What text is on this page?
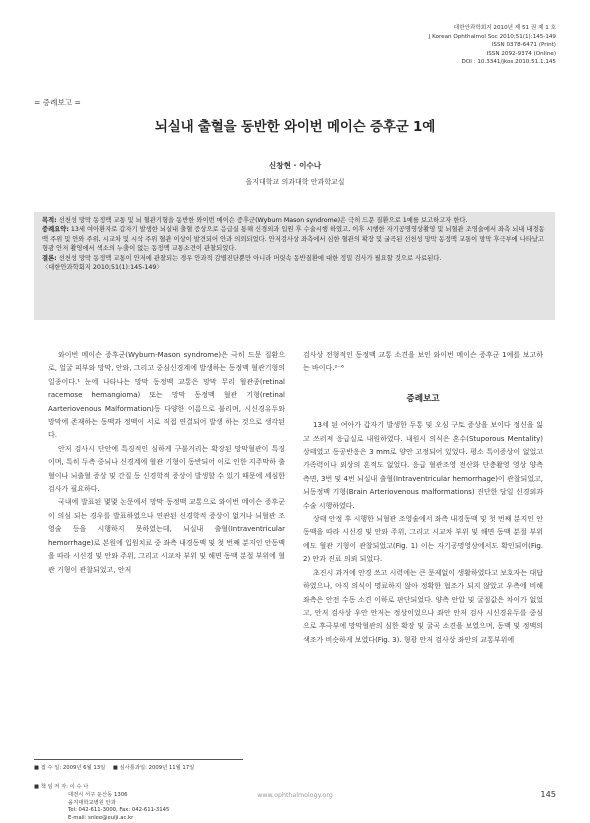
대한안과학회지 2010년 제 51 권 제 1 호
J Korean Ophthalmol Soc 2010;51(1):145-149
ISSN 0378-6471 (Print)
ISSN 2092-9374 (Online)
DOI : 10.3341/jkos.2010.51.1.145
= 증례보고 =
뇌실내 출혈을 동반한 와이번 메이슨 증후군 1예
신창현 · 이수나
을지대학교 의과대학 안과학교실

목적: 선천성 망막 동정맥 교통 및 뇌 혈관기형을 동반한 와이번 메이슨 증후군(Wyburn Mason syndrome)은 극히 드문 질환으로 1예를 보고하고자 한다.

증례요약: 13세 여아환자로 갑자기 발생한 뇌실내 출혈 증상으로 응급실 통해 신경외과 입원 후 수술시행 하였고, 이후 시행한 자기공명영상촬영 및 뇌혈관 조영술에서 좌측 뇌내 내경동맥 주위 및 안와 주위, 시교차 및 시삭 주위 혈관 이상이 발견되어 안과 의뢰되었다. 안저검사상 좌측에서 심한 혈관의 확장 및 굴곡된 선천성 망막 동정맥 교통이 망막 후극부에 나타났고 형광 안저 촬영에서 색소의 누출이 없는 동정맥 교통소견이 관찰되었다.

결론: 선천성 망막 동정맥 교통이 안저에 관찰되는 경우 안과적 감별진단뿐만 아니라 머릿속 동반질환에 대한 정밀 검사가 필요할 것으로 사료된다.

〈대한안과학회지 2010;51(1):145-149〉

와이번 메이슨 증후군(Wyburn-Mason syndrome)은 극히 드문 질환으로, 얼굴 피부와 망막, 안와, 그리고 중심신경계에 발생하는 동정맥 혈관기형의 일종이다.¹ 눈에 나타나는 망막 동정맥 교통은 망막 무리 혈관종(retinal racemose hemangioma) 또는 망막 동정맥 혈관 기형(retinal Aarteriovenous Malformation)등 다양한 이름으로 불리며, 시신경유두와 망막에 존재하는 동맥과 정맥이 서로 직접 연결되어 발생 하는 것으로 생각된다.

안저 검사시 단안에 특징적인 심하게 구불거리는 확장된 망막혈관이 특징이며, 특히 두측 중뇌나 신경계에 혈관 기형이 동반되어 이로 인한 지주막하 출혈이나 뇌출혈 증상 및 간질 등 신경학적 증상이 발생할 수 있기 때문에 세심한 검사가 필요하다.

국내에 발표된 몇몇 논문에서 망막 동정맥 교통으로 와이번 메이슨 증후군이 의심 되는 경우를 발표하였으나 연관된 신경학적 증상이 없거나 뇌혈관 조영술 등을 시행하지 못하였는데, 뇌실내 출혈(Intraventricular hemorrhage)로 본원에 입원치료 중 좌측 내경동맥 및 첫 번째 분지인 안동맥을 따라 시신경 및 안와 주위, 그리고 시교차 부위 및 해면 동맥 분절 부위에 혈관 기형이 관찰되었고, 안저

검사상 전형적인 동정맥 교통 소견을 보인 와이번 메이슨 증후군 1예를 보고하는 바이다.²⁻⁶

증례보고

13세 된 여아가 갑자기 발생한 두통 및 오심 구토 증상을 보이다 정신을 잃고 쓰러져 응급실로 내원하였다. 내원시 의식은 혼수(Stuporous Mentality)상태였고 동공반응은 3 mm로 양안 고정되어 있었다. 평소 특이증상이 없었고 가족력이나 외상의 흔적도 없었다. 응급 혈관조영 전산화 단층촬영 영상 양측 측면, 3번 및 4번 뇌실내 출혈(Intraventricular hemorrhage)이 관찰되었고, 뇌동정맥 기형(Brain Arteriovenous malformations) 진단한 당일 신경외과 수술 시행하였다.

상태 안정 후 시행한 뇌혈관 조영술에서 좌측 내경동맥 및 첫 번째 분지인 안동맥을 따라 시신경 및 안와 주위, 그리고 시교차 부위 및 해면 동맥 분절 부위에도 혈관 기형이 관찰되었고(Fig. 1) 이는 자기공명영상에서도 확인되어(Fig. 2) 안과 진료 의뢰 되었다.

초진시 과거에 안경 쓰고 시력에는 큰 문제없이 생활하였다고 보호자는 대답 하였으나, 아직 의식이 명료하지 않아 정확한 협조가 되지 않았고 우측에 비해 좌측은 안전 수동 소견 이하로 판단되었다. 양측 안압 및 굴절값은 차이가 없었고, 안저 검사상 우안 안저는 정상이었으나 좌안 안저 검사 시신경유두를 중심으로 후극부에 망막혈관의 심한 확장 및 굴곡 소견을 보였으며, 동맥 및 정맥의 색조가 비슷하게 보였다(Fig. 3). 형광 안저 검사상 좌안의 교통부위에

■ 접 수 일: 2009년 6월 13일 ■ 심사통과일: 2009년 11월 17일
■ 책 임 저 자: 이 수 나
대전시 서구 둔산동 1306
을지대학교병원 안과
Tel: 042-611-3000, Fax: 042-611-3145
E-mail: snlee@eulji.ac.kr
www.ophthalmology.org	145
